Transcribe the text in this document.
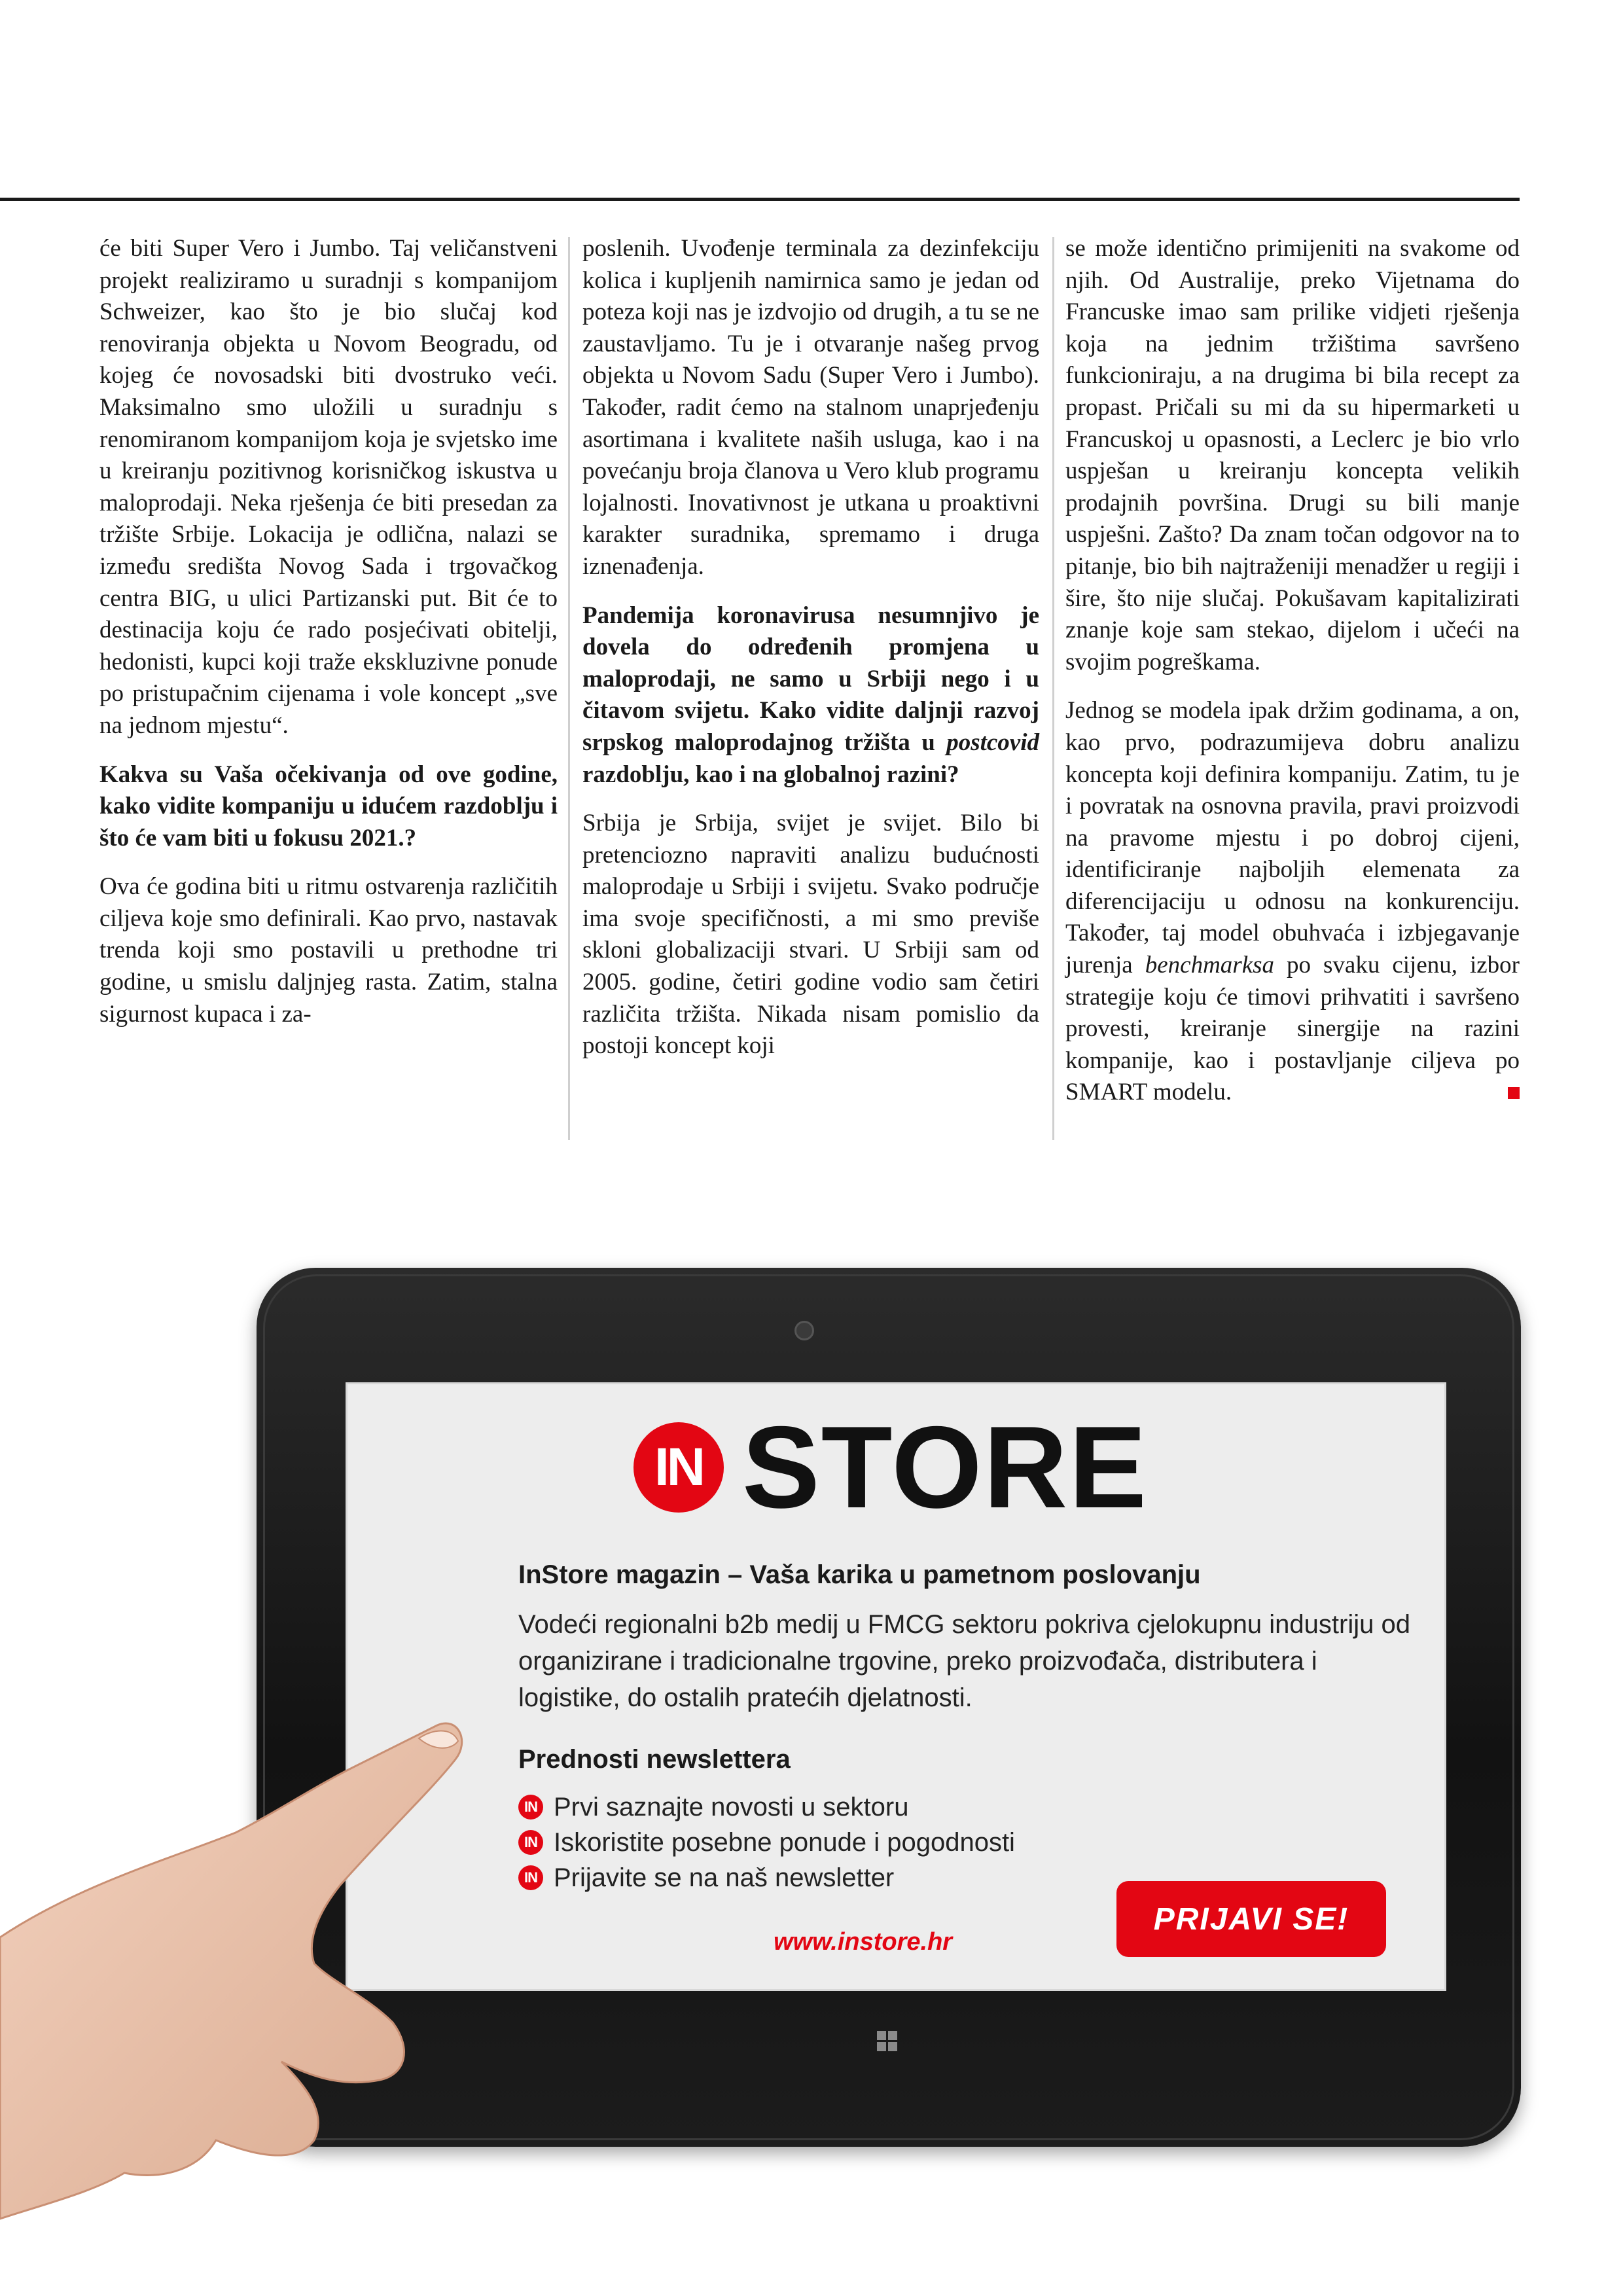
će biti Super Vero i Jumbo. Taj veličanstveni projekt realiziramo u suradnji s kompanijom Schweizer, kao što je bio slučaj kod renoviranja objekta u Novom Beogradu, od kojeg će novosadski biti dvostruko veći. Maksimalno smo uložili u suradnju s renomiranom kompanijom koja je svjetsko ime u kreiranju pozitivnog korisničkog iskustva u maloprodaji. Neka rješenja će biti presedan za tržište Srbije. Lokacija je odlična, nalazi se između središta Novog Sada i trgovačkog centra BIG, u ulici Partizanski put. Bit će to destinacija koju će rado posjećivati obitelji, hedonisti, kupci koji traže ekskluzivne ponude po pristupačnim cijenama i vole koncept „sve na jednom mjestu“.

Kakva su Vaša očekivanja od ove godine, kako vidite kompaniju u idućem razdoblju i što će vam biti u fokusu 2021.?

Ova će godina biti u ritmu ostvarenja različitih ciljeva koje smo definirali. Kao prvo, nastavak trenda koji smo postavili u prethodne tri godine, u smislu daljnjeg rasta. Zatim, stalna sigurnost kupaca i za-

poslenih. Uvođenje terminala za dezinfekciju kolica i kupljenih namirnica samo je jedan od poteza koji nas je izdvojio od drugih, a tu se ne zaustavljamo. Tu je i otvaranje našeg prvog objekta u Novom Sadu (Super Vero i Jumbo). Također, radit ćemo na stalnom unaprjeđenju asortimana i kvalitete naših usluga, kao i na povećanju broja članova u Vero klub programu lojalnosti. Inovativnost je utkana u proaktivni karakter suradnika, spremamo i druga iznenađenja.

Pandemija koronavirusa nesumnjivo je dovela do određenih promjena u maloprodaji, ne samo u Srbiji nego i u čitavom svijetu. Kako vidite daljnji razvoj srpskog maloprodajnog tržišta u postcovid razdoblju, kao i na globalnoj razini?

Srbija je Srbija, svijet je svijet. Bilo bi pretenciozno napraviti analizu budućnosti maloprodaje u Srbiji i svijetu. Svako područje ima svoje specifičnosti, a mi smo previše skloni globalizaciji stvari. U Srbiji sam od 2005. godine, četiri godine vodio sam četiri različita tržišta. Nikada nisam pomislio da postoji koncept koji

se može identično primijeniti na svakome od njih. Od Australije, preko Vijetnama do Francuske imao sam prilike vidjeti rješenja koja na jednim tržištima savršeno funkcioniraju, a na drugima bi bila recept za propast. Pričali su mi da su hipermarketi u Francuskoj u opasnosti, a Leclerc je bio vrlo uspješan u kreiranju koncepta velikih prodajnih površina. Drugi su bili manje uspješni. Zašto? Da znam točan odgovor na to pitanje, bio bih najtraženiji menadžer u regiji i šire, što nije slučaj. Pokušavam kapitalizirati znanje koje sam stekao, dijelom i učeći na svojim pogreškama.

Jednog se modela ipak držim godinama, a on, kao prvo, podrazumijeva dobru analizu koncepta koji definira kompaniju. Zatim, tu je i povratak na osnovna pravila, pravi proizvodi na pravome mjestu i po dobroj cijeni, identificiranje najboljih elemenata za diferencijaciju u odnosu na konkurenciju. Također, taj model obuhvaća i izbjegavanje jurenja benchmarksa po svaku cijenu, izbor strategije koju će timovi prihvatiti i savršeno provesti, kreiranje sinergije na razini kompanije, kao i postavljanje ciljeva po SMART modelu.

IN STORE
InStore magazin – Vaša karika u pametnom poslovanju
Vodeći regionalni b2b medij u FMCG sektoru pokriva cjelokupnu industriju od organizirane i tradicionalne trgovine, preko proizvođača, distributera i logistike, do ostalih pratećih djelatnosti.
Prednosti newslettera
IN Prvi saznajte novosti u sektoru
IN Iskoristite posebne ponude i pogodnosti
IN Prijavite se na naš newsletter
PRIJAVI SE!
www.instore.hr
